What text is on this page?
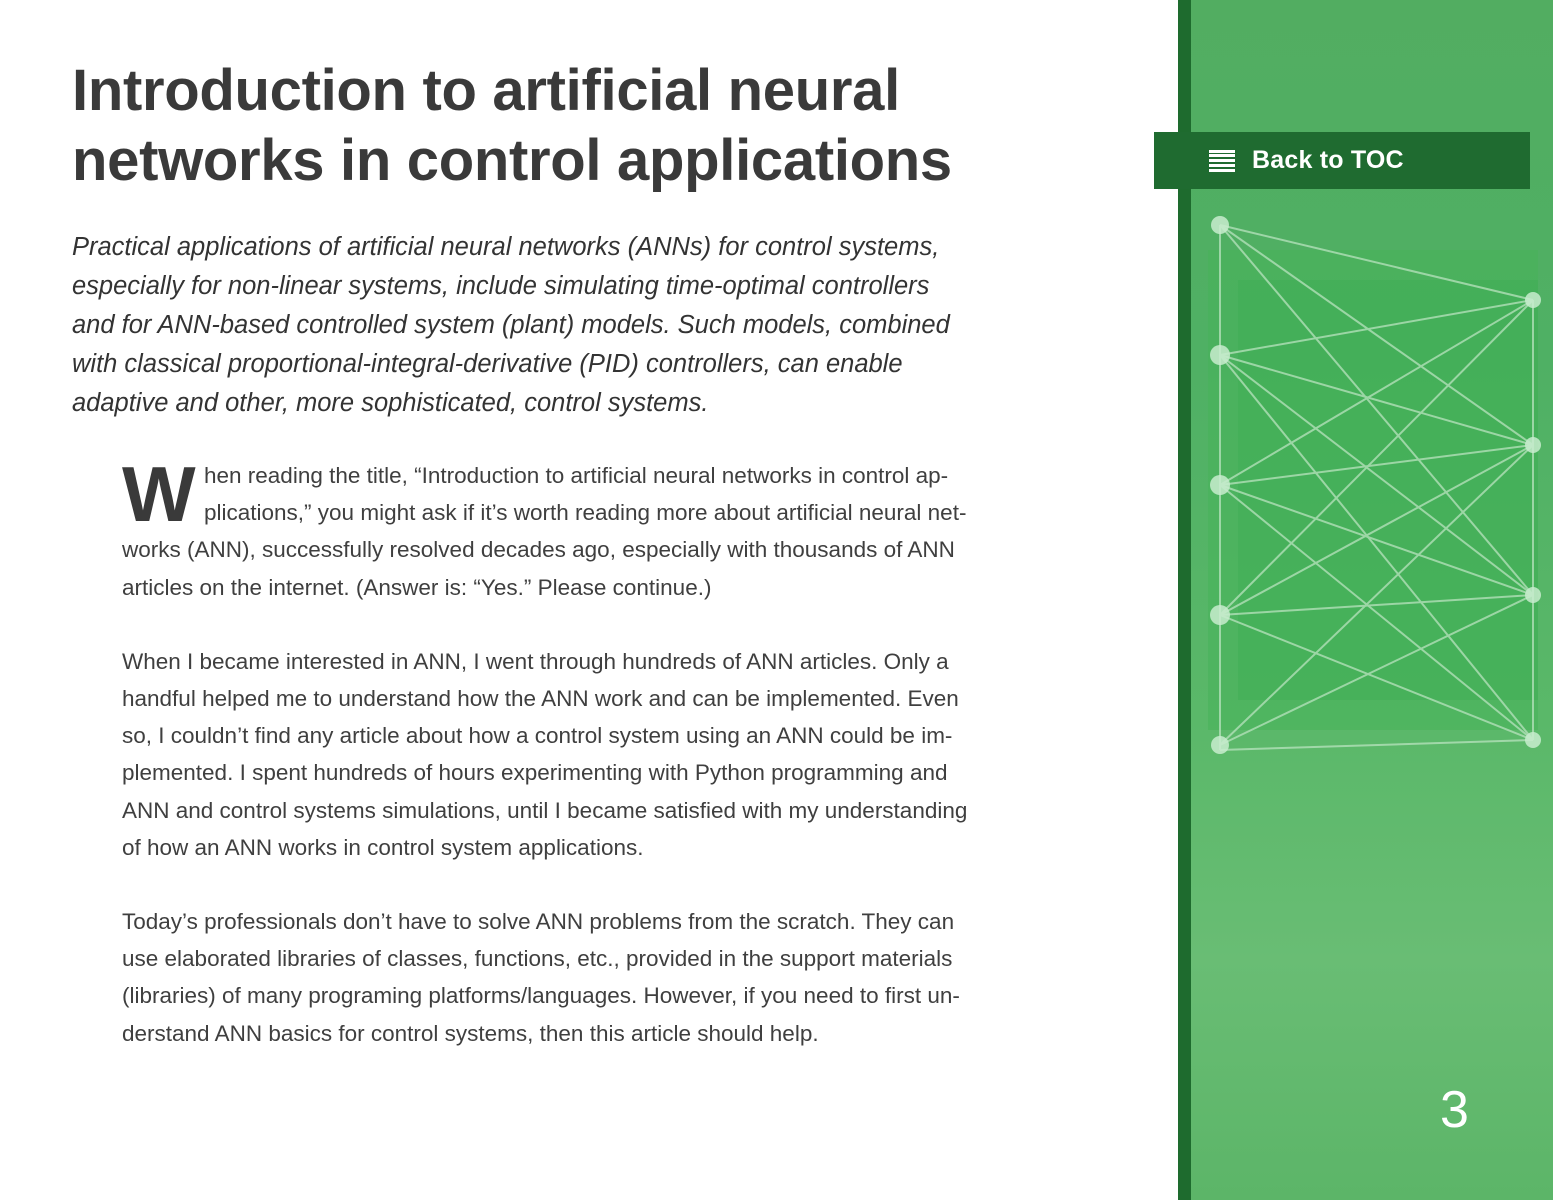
Introduction to artificial neural
networks in control applications
Practical applications of artificial neural networks (ANNs) for control systems,
especially for non-linear systems, include simulating time-optimal controllers
and for ANN-based controlled system (plant) models. Such models, combined
with classical proportional-integral-derivative (PID) controllers, can enable
adaptive and other, more sophisticated, control systems.

W hen reading the title, “Introduction to artificial neural networks in control ap-
plications,” you might ask if it’s worth reading more about artificial neural net-
works (ANN), successfully resolved decades ago, especially with thousands of ANN
articles on the internet. (Answer is: “Yes.” Please continue.)

When I became interested in ANN, I went through hundreds of ANN articles. Only a
handful helped me to understand how the ANN work and can be implemented. Even
so, I couldn’t find any article about how a control system using an ANN could be im-
plemented. I spent hundreds of hours experimenting with Python programming and
ANN and control systems simulations, until I became satisfied with my understanding
of how an ANN works in control system applications.

Today’s professionals don’t have to solve ANN problems from the scratch. They can
use elaborated libraries of classes, functions, etc., provided in the support materials
(libraries) of many programing platforms/languages. However, if you need to first un-
derstand ANN basics for control systems, then this article should help.

3
Back to TOC
